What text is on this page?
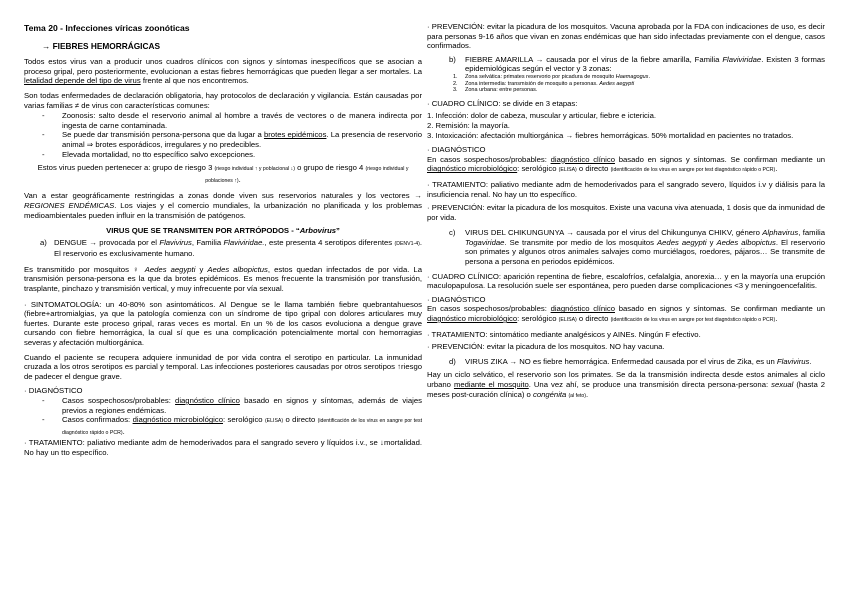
Tema 20 - Infecciones víricas zoonóticas

→ FIEBRES HEMORRÁGICAS

Todos estos virus van a producir unos cuadros clínicos con signos y síntomas inespecíficos que se asocian a proceso gripal, pero posteriormente, evolucionan a estas fiebres hemorrágicas que pueden llegar a ser mortales. La letalidad depende del tipo de virus frente al que nos encontremos.

Son todas enfermedades de declaración obligatoria, hay protocolos de declaración y vigilancia. Están causadas por varias familias ≠ de virus con características comunes:

- Zoonosis: salto desde el reservorio animal al hombre a través de vectores o de manera indirecta por ingesta de carne contaminada.
- Se puede dar transmisión persona-persona que da lugar a brotes epidémicos. La presencia de reservorio animal ⇒ brotes esporádicos, irregulares y no predecibles.
- Elevada mortalidad, no tto específico salvo excepciones.

Estos virus pueden pertenecer a: grupo de riesgo 3 (riesgo individual ↑ y poblacional ↓) o grupo de riesgo 4 (riesgo individual y poblaciones ↑).

Van a estar geográficamente restringidas a zonas donde viven sus reservorios naturales y los vectores → REGIONES ENDÉMICAS. Los viajes y el comercio mundiales, la urbanización no planificada y los problemas medioambientales pueden influir en la transmisión de patógenos.

VIRUS QUE SE TRANSMITEN POR ARTRÓPODOS - “Arbovirus”

a) DENGUE → provocada por el Flavivirus, Familia Flaviviridae., este presenta 4 serotipos diferentes (DENV1-4). El reservorio es exclusivamente humano.

Es transmitido por mosquitos ♀ Aedes aegypti y Aedes albopictus, estos quedan infectados de por vida. La transmisión persona-persona es la que da brotes epidémicos. Es menos frecuente la transmisión por transfusión, trasplante, pinchazo y transmisión vertical, y muy infrecuente por vía sexual.

· SINTOMATOLOGÍA: un 40-80% son asintomáticos. Al Dengue se le llama también fiebre quebrantahuesos (fiebre+artromialgias, ya que la patología comienza con un síndrome de tipo gripal con dolores articulares muy fuertes. Durante este proceso gripal, raras veces es mortal. En un % de los casos evoluciona a dengue grave cursando con fiebre hemorrágica, la cual sí que es una complicación potencialmente mortal con hemorragias severas y afectación multiorgánica.

Cuando el paciente se recupera adquiere inmunidad de por vida contra el serotipo en particular. La inmunidad cruzada a los otros serotipos es parcial y temporal. Las infecciones posteriores causadas por otros serotipos ↑riesgo de padecer el dengue grave.

· DIAGNÓSTICO

- Casos sospechosos/probables: diagnóstico clínico basado en signos y síntomas, además de viajes previos a regiones endémicas.
- Casos confirmados: diagnóstico microbiológico: serológico (ELISA) o directo (identificación de los virus en sangre por test diagnóstico rápido o PCR).

· TRATAMIENTO: paliativo mediante adm de hemoderivados para el sangrado severo y líquidos i.v., se ↓mortalidad. No hay un tto específico.

· PREVENCIÓN: evitar la picadura de los mosquitos. Vacuna aprobada por la FDA con indicaciones de uso, es decir para personas 9-16 años que vivan en zonas endémicas que han sido infectadas previamente con el dengue, casos confirmados.

b) FIEBRE AMARILLA → causada por el virus de la fiebre amarilla, Familia Flaviviridae. Existen 3 formas epidemiológicas según el vector y 3 zonas:
1. Zona selvática: primates reservorio por picadura de mosquito Haemagogus.
2. Zona intermedia: transmisión de mosquito a personas. Aedes aegypti
3. Zona urbana: entre personas.

· CUADRO CLÍNICO: se divide en 3 etapas:

1. Infección: dolor de cabeza, muscular y articular, fiebre e ictericia.

2. Remisión: la mayoría.

3. Intoxicación: afectación multiorgánica → fiebres hemorrágicas. 50% mortalidad en pacientes no tratados.

· DIAGNÓSTICO

En casos sospechosos/probables: diagnóstico clínico basado en signos y síntomas. Se confirman mediante un diagnóstico microbiológico: serológico (ELISA) o directo (identificación de los virus en sangre por test diagnóstico rápido o PCR).

· TRATAMIENTO: paliativo mediante adm de hemoderivados para el sangrado severo, líquidos i.v y diálisis para la insuficiencia renal. No hay un tto específico.

· PREVENCIÓN: evitar la picadura de los mosquitos. Existe una vacuna viva atenuada, 1 dosis que da inmunidad de por vida.

c) VIRUS DEL CHIKUNGUNYA → causada por el virus del Chikungunya CHIKV, género Alphavirus, familia Togaviridae. Se transmite por medio de los mosquitos Aedes aegypti y Aedes albopictus. El reservorio son primates y algunos otros animales salvajes como murciélagos, roedores, pájaros… Se transmite de persona a persona en periodos epidémicos.

· CUADRO CLÍNICO: aparición repentina de fiebre, escalofríos, cefalalgia, anorexia… y en la mayoría una erupción maculopapulosa. La resolución suele ser espontánea, pero pueden darse complicaciones <3 y meningoencefalitis.

· DIAGNÓSTICO

En casos sospechosos/probables: diagnóstico clínico basado en signos y síntomas. Se confirman mediante un diagnóstico microbiológico: serológico (ELISA) o directo (identificación de los virus en sangre por test diagnóstico rápido o PCR).

· TRATAMIENTO: sintomático mediante analgésicos y AINEs. Ningún F efectivo.

· PREVENCIÓN: evitar la picadura de los mosquitos. NO hay vacuna.

d) VIRUS ZIKA → NO es fiebre hemorrágica. Enfermedad causada por el virus de Zika, es un Flavivirus.

Hay un ciclo selvático, el reservorio son los primates. Se da la transmisión indirecta desde estos animales al ciclo urbano mediante el mosquito. Una vez ahí, se produce una transmisión directa persona-persona: sexual (hasta 2 meses post-curación clínica) o congénita (al feto).
